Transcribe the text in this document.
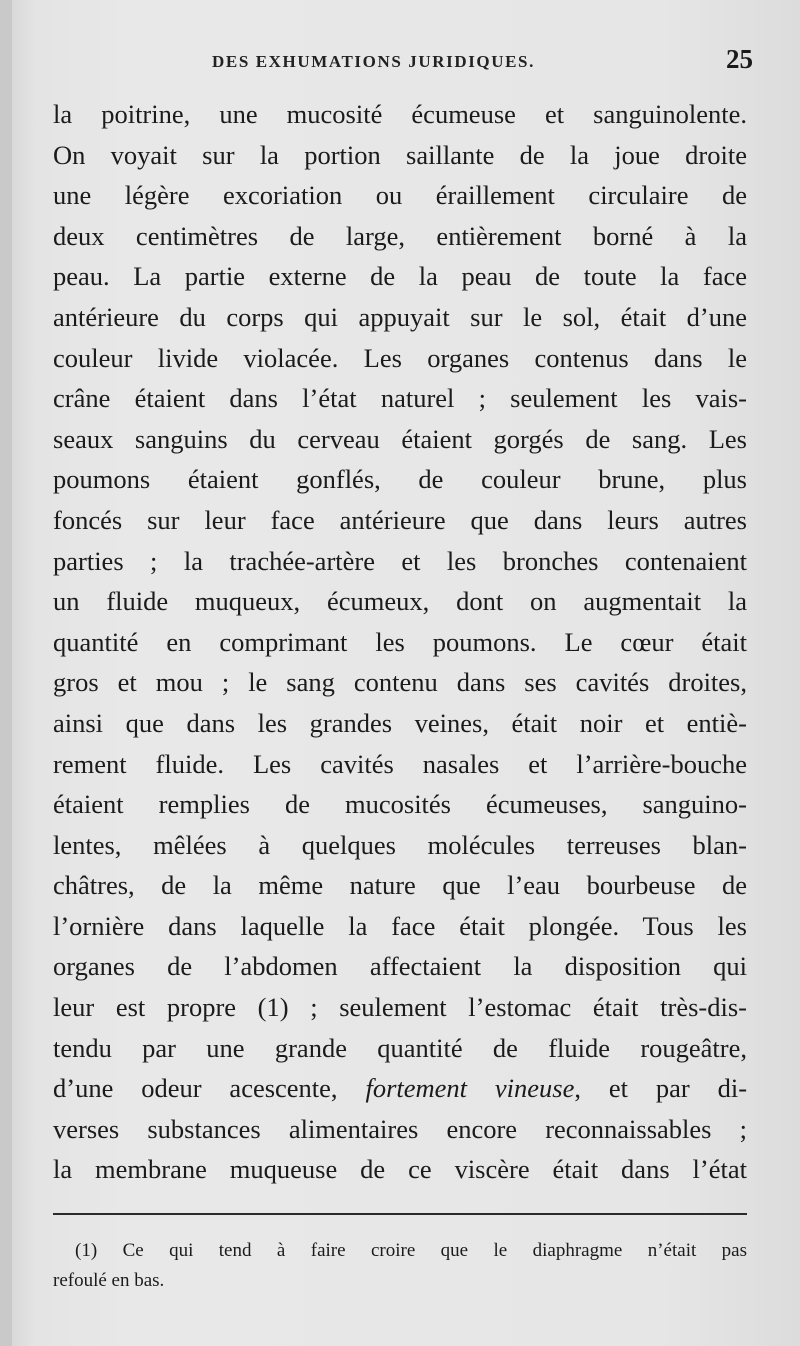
DES EXHUMATIONS JURIDIQUES.	25
la poitrine, une mucosité écumeuse et sanguinolente.
On voyait sur la portion saillante de la joue droite
une légère excoriation ou éraillement circulaire de
deux centimètres de large, entièrement borné à la
peau. La partie externe de la peau de toute la face
antérieure du corps qui appuyait sur le sol, était d’une
couleur livide violacée. Les organes contenus dans le
crâne étaient dans l’état naturel ; seulement les vais-
seaux sanguins du cerveau étaient gorgés de sang. Les
poumons étaient gonflés, de couleur brune, plus
foncés sur leur face antérieure que dans leurs autres
parties ; la trachée-artère et les bronches contenaient
un fluide muqueux, écumeux, dont on augmentait la
quantité en comprimant les poumons. Le cœur était
gros et mou ; le sang contenu dans ses cavités droites,
ainsi que dans les grandes veines, était noir et entiè-
rement fluide. Les cavités nasales et l’arrière-bouche
étaient remplies de mucosités écumeuses, sanguino-
lentes, mêlées à quelques molécules terreuses blan-
châtres, de la même nature que l’eau bourbeuse de
l’ornière dans laquelle la face était plongée. Tous les
organes de l’abdomen affectaient la disposition qui
leur est propre (1) ; seulement l’estomac était très-dis-
tendu par une grande quantité de fluide rougeâtre,
d’une odeur acescente, fortement vineuse, et par di-
verses substances alimentaires encore reconnaissables ;
la membrane muqueuse de ce viscère était dans l’état
(1) Ce qui tend à faire croire que le diaphragme n’était pas
refoulé en bas.
